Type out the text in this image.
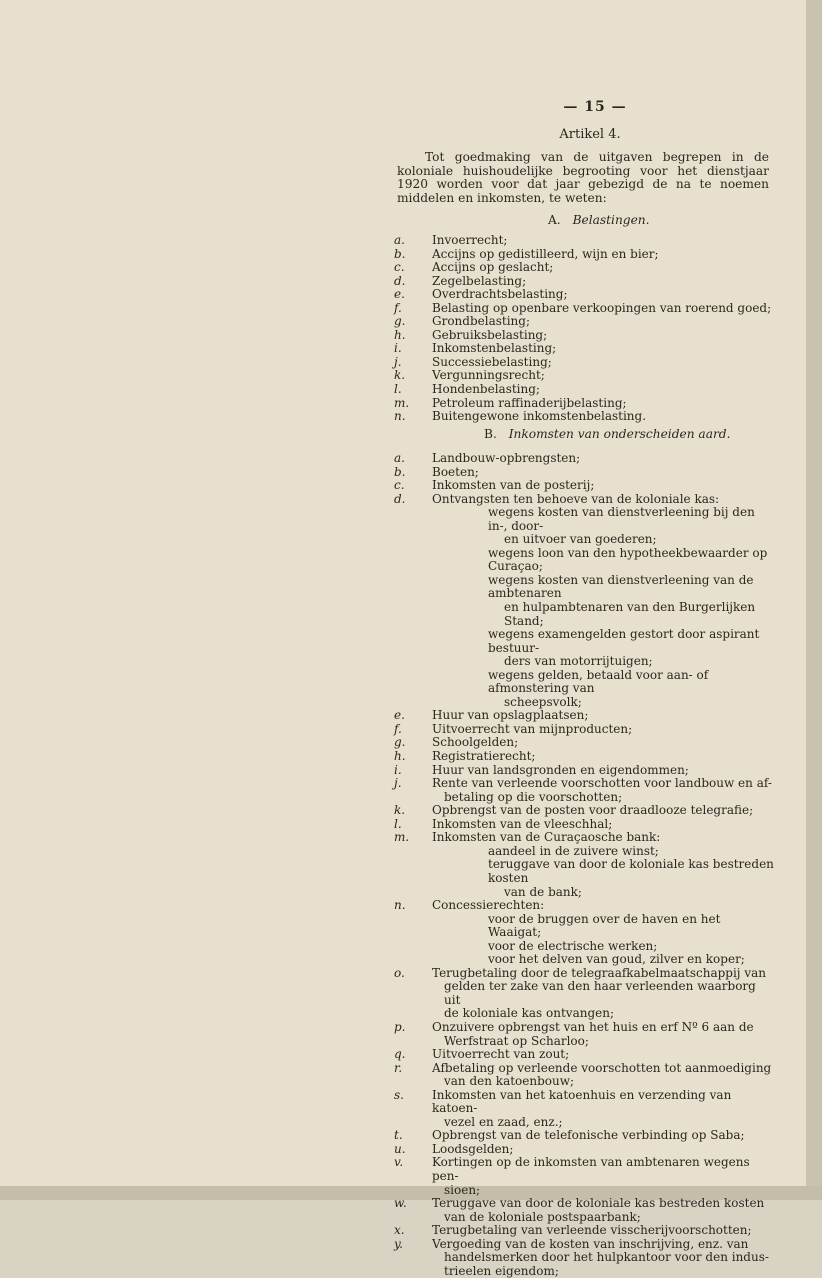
— 15 —
Artikel 4.
Tot goedmaking van de uitgaven begrepen in de koloniale huishoudelijke begrooting voor het dienstjaar 1920 worden voor dat jaar gebezigd de na te noemen middelen en inkomsten, te weten:
A. Belastingen.
a.	Invoerrecht;
b.	Accijns op gedistilleerd, wijn en bier;
c.	Accijns op geslacht;
d.	Zegelbelasting;
e.	Overdrachtsbelasting;
f.	Belasting op openbare verkoopingen van roerend goed;
g.	Grondbelasting;
h.	Gebruiksbelasting;
i.	Inkomstenbelasting;
j.	Successiebelasting;
k.	Vergunningsrecht;
l.	Hondenbelasting;
m.	Petroleum raffinaderijbelasting;
n.	Buitengewone inkomstenbelasting.
B. Inkomsten van onderscheiden aard.
a.	Landbouw-opbrengsten;
b.	Boeten;
c.	Inkomsten van de posterij;
d.	Ontvangsten ten behoeve van de koloniale kas:
wegens kosten van dienstverleening bij den in-, door-
en uitvoer van goederen;
wegens loon van den hypotheekbewaarder op Curaçao;
wegens kosten van dienstverleening van de ambtenaren
en hulpambtenaren van den Burgerlijken Stand;
wegens examengelden gestort door aspirant bestuur-
ders van motorrijtuigen;
wegens gelden, betaald voor aan- of afmonstering van
scheepsvolk;
e.	Huur van opslagplaatsen;
f.	Uitvoerrecht van mijnproducten;
g.	Schoolgelden;
h.	Registratierecht;
i.	Huur van landsgronden en eigendommen;
j.	Rente van verleende voorschotten voor landbouw en af-
betaling op die voorschotten;
k.	Opbrengst van de posten voor draadlooze telegrafie;
l.	Inkomsten van de vleeschhal;
m.	Inkomsten van de Curaçaosche bank:
aandeel in de zuivere winst;
teruggave van door de koloniale kas bestreden kosten
van de bank;
n.	Concessierechten:
voor de bruggen over de haven en het Waaigat;
voor de electrische werken;
voor het delven van goud, zilver en koper;
o.	Terugbetaling door de telegraafkabelmaatschappij van
gelden ter zake van den haar verleenden waarborg uit
de koloniale kas ontvangen;
p.	Onzuivere opbrengst van het huis en erf Nº 6 aan de
Werfstraat op Scharloo;
q.	Uitvoerrecht van zout;
r.	Afbetaling op verleende voorschotten tot aanmoediging
van den katoenbouw;
s.	Inkomsten van het katoenhuis en verzending van katoen-
vezel en zaad, enz.;
t.	Opbrengst van de telefonische verbinding op Saba;
u.	Loodsgelden;
v.	Kortingen op de inkomsten van ambtenaren wegens pen-
sioen;
w.	Teruggave van door de koloniale kas bestreden kosten
van de koloniale postspaarbank;
x.	Terugbetaling van verleende visscherijvoorschotten;
y.	Vergoeding van de kosten van inschrijving, enz. van
handelsmerken door het hulpkantoor voor den indus-
trieelen eigendom;
